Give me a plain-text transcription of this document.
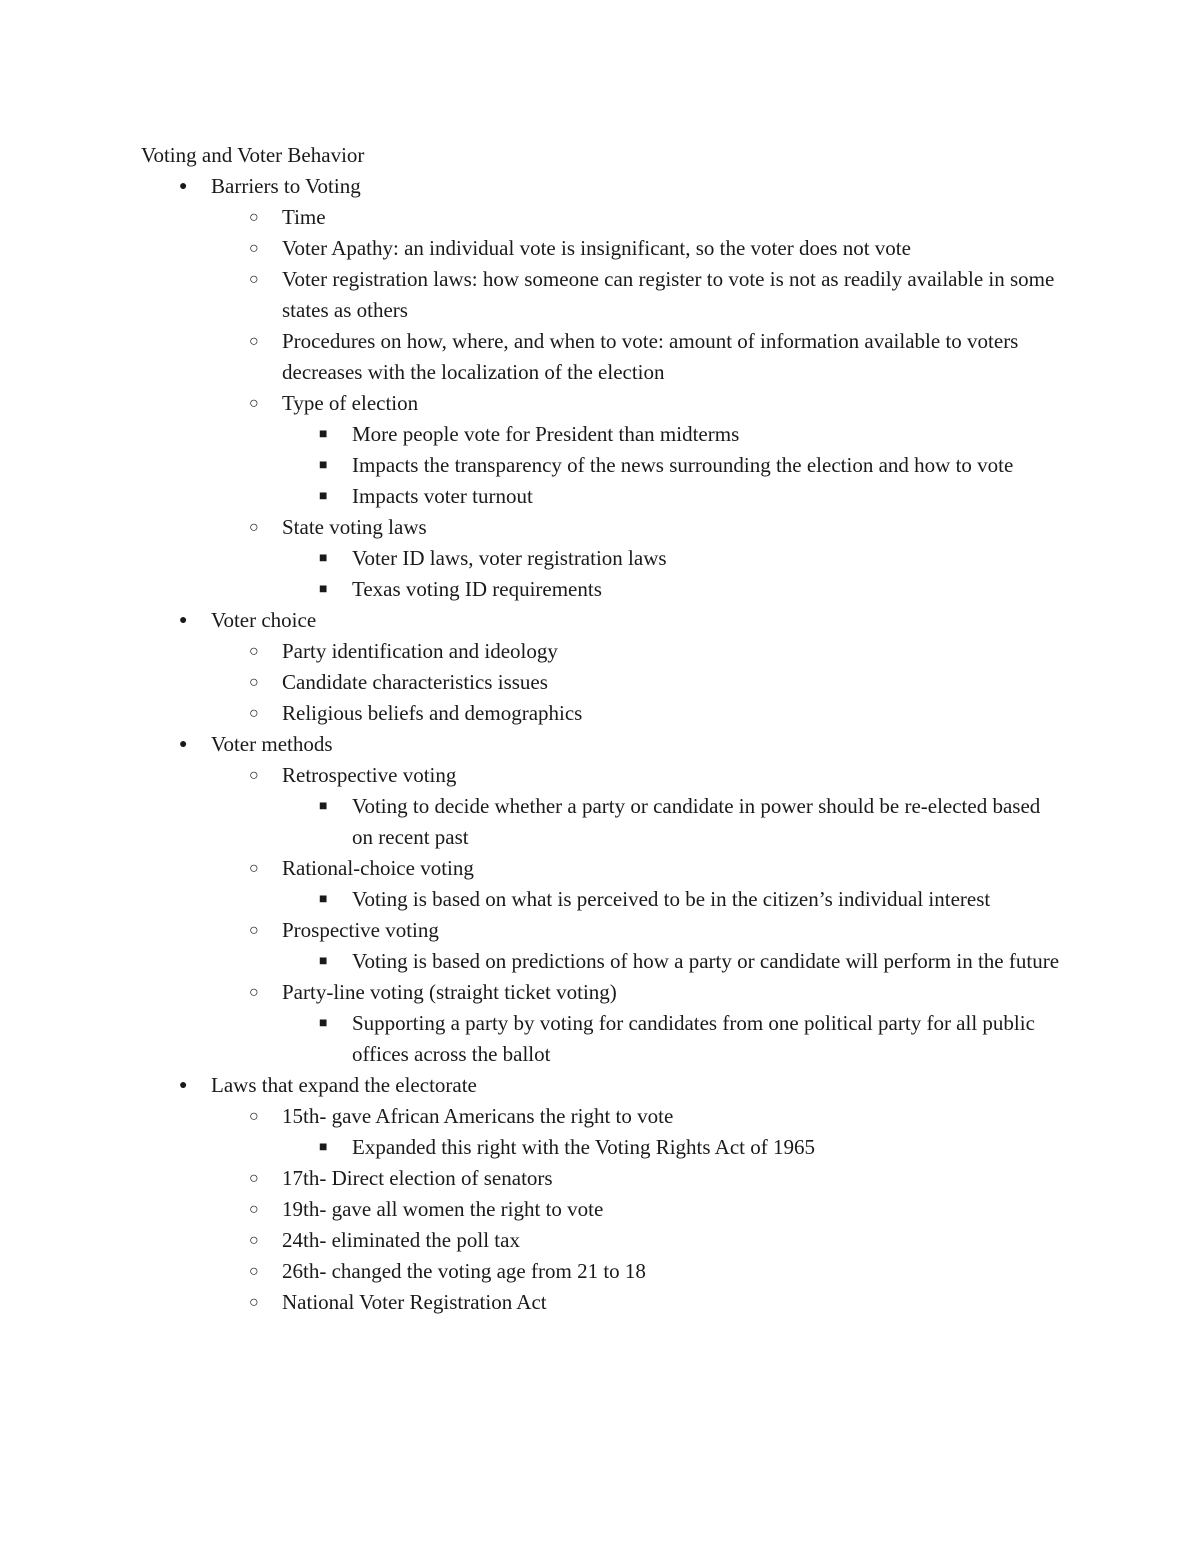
Voting and Voter Behavior
● Barriers to Voting
○ Time
○ Voter Apathy: an individual vote is insignificant, so the voter does not vote
○ Voter registration laws: how someone can register to vote is not as readily available in some states as others
○ Procedures on how, where, and when to vote: amount of information available to voters decreases with the localization of the election
○ Type of election
■ More people vote for President than midterms
■ Impacts the transparency of the news surrounding the election and how to vote
■ Impacts voter turnout
○ State voting laws
■ Voter ID laws, voter registration laws
■ Texas voting ID requirements
● Voter choice
○ Party identification and ideology
○ Candidate characteristics issues
○ Religious beliefs and demographics
● Voter methods
○ Retrospective voting
■ Voting to decide whether a party or candidate in power should be re-elected based on recent past
○ Rational-choice voting
■ Voting is based on what is perceived to be in the citizen’s individual interest
○ Prospective voting
■ Voting is based on predictions of how a party or candidate will perform in the future
○ Party-line voting (straight ticket voting)
■ Supporting a party by voting for candidates from one political party for all public offices across the ballot
● Laws that expand the electorate
○ 15th- gave African Americans the right to vote
■ Expanded this right with the Voting Rights Act of 1965
○ 17th- Direct election of senators
○ 19th- gave all women the right to vote
○ 24th- eliminated the poll tax
○ 26th- changed the voting age from 21 to 18
○ National Voter Registration Act
